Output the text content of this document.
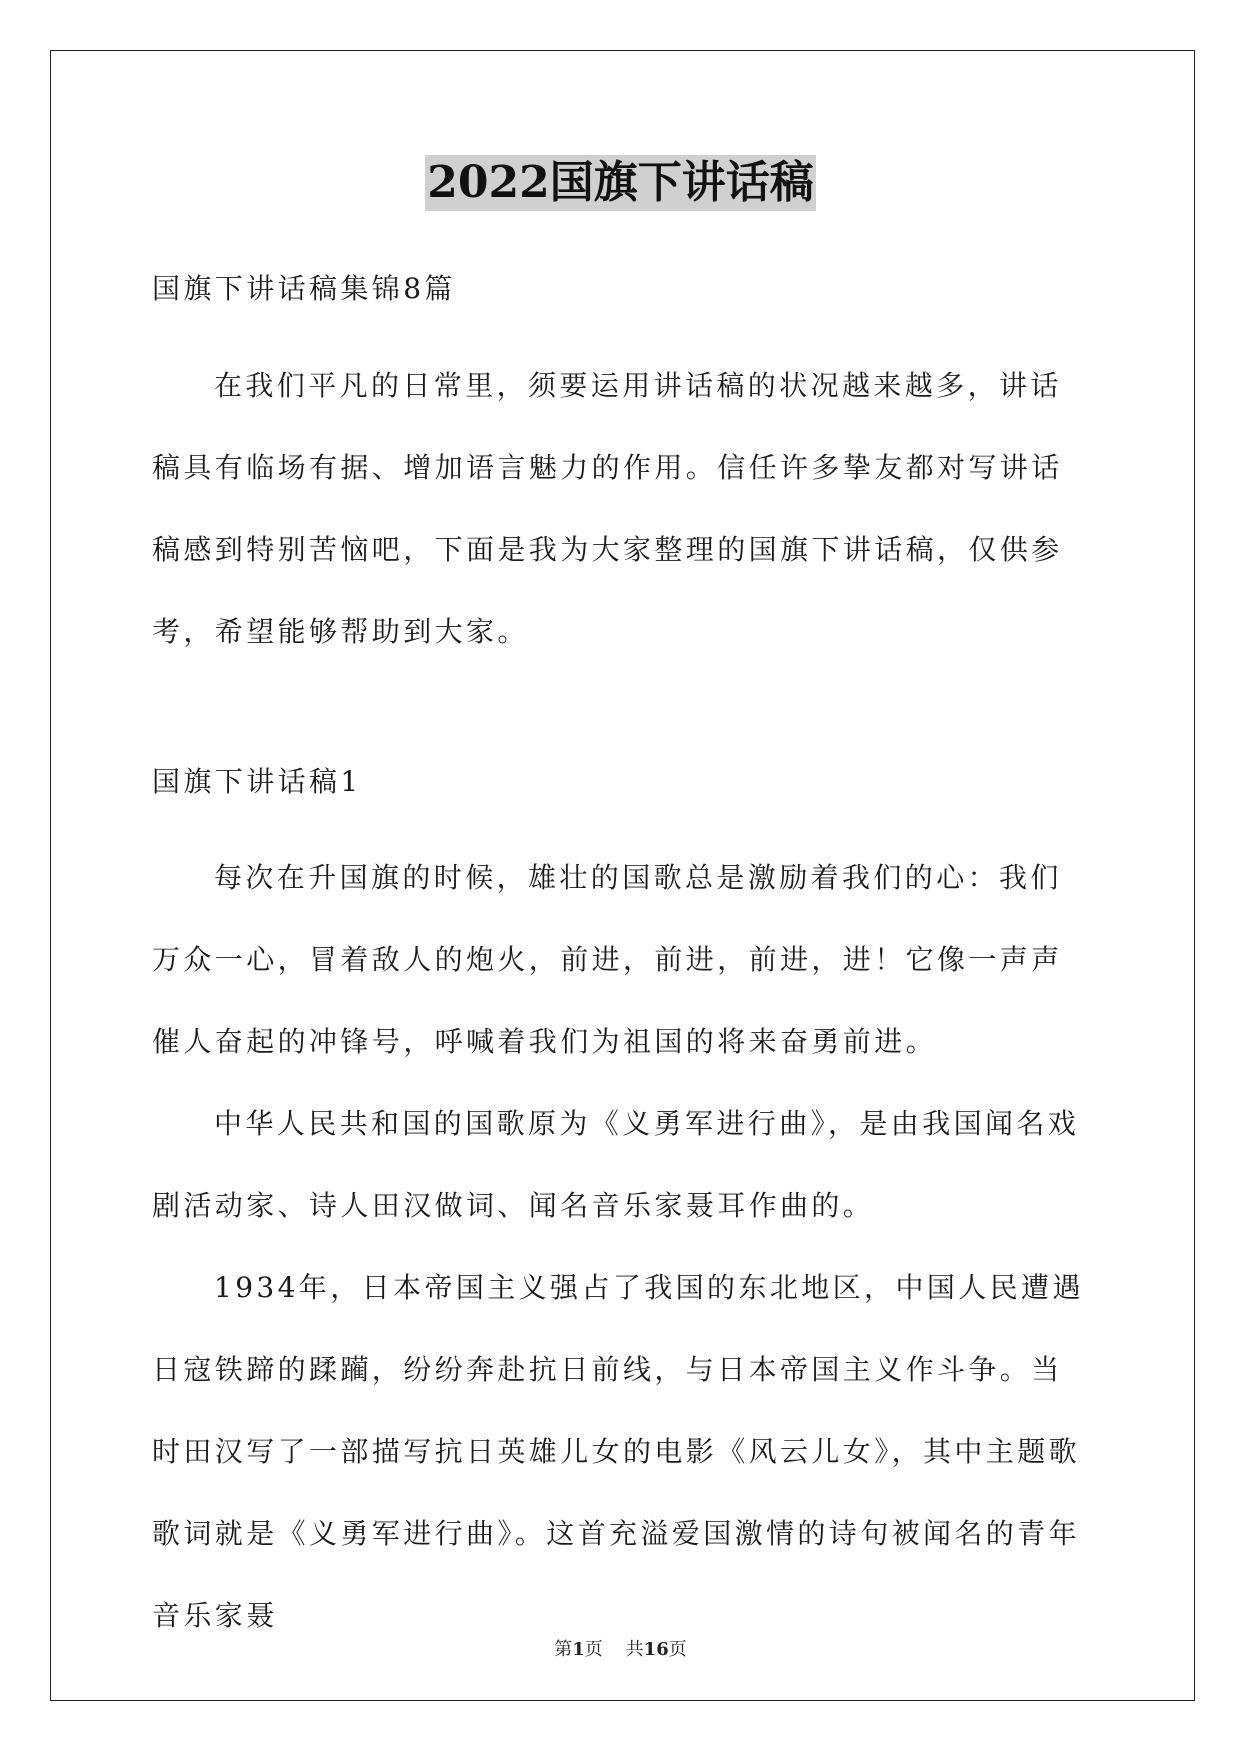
2022国旗下讲话稿
国旗下讲话稿集锦8篇

在我们平凡的日常里，须要运用讲话稿的状况越来越多，讲话稿具有临场有据、增加语言魅力的作用。信任许多挚友都对写讲话稿感到特别苦恼吧，下面是我为大家整理的国旗下讲话稿，仅供参考，希望能够帮助到大家。

国旗下讲话稿1

每次在升国旗的时候，雄壮的国歌总是激励着我们的心：我们万众一心，冒着敌人的炮火，前进，前进，前进，进！它像一声声催人奋起的冲锋号，呼喊着我们为祖国的将来奋勇前进。

中华人民共和国的国歌原为《义勇军进行曲》，是由我国闻名戏剧活动家、诗人田汉做词、闻名音乐家聂耳作曲的。

1934年，日本帝国主义强占了我国的东北地区，中国人民遭遇日寇铁蹄的蹂躏，纷纷奔赴抗日前线，与日本帝国主义作斗争。当时田汉写了一部描写抗日英雄儿女的电影《风云儿女》，其中主题歌歌词就是《义勇军进行曲》。这首充溢爱国激情的诗句被闻名的青年音乐家聂

第1页 共16页
